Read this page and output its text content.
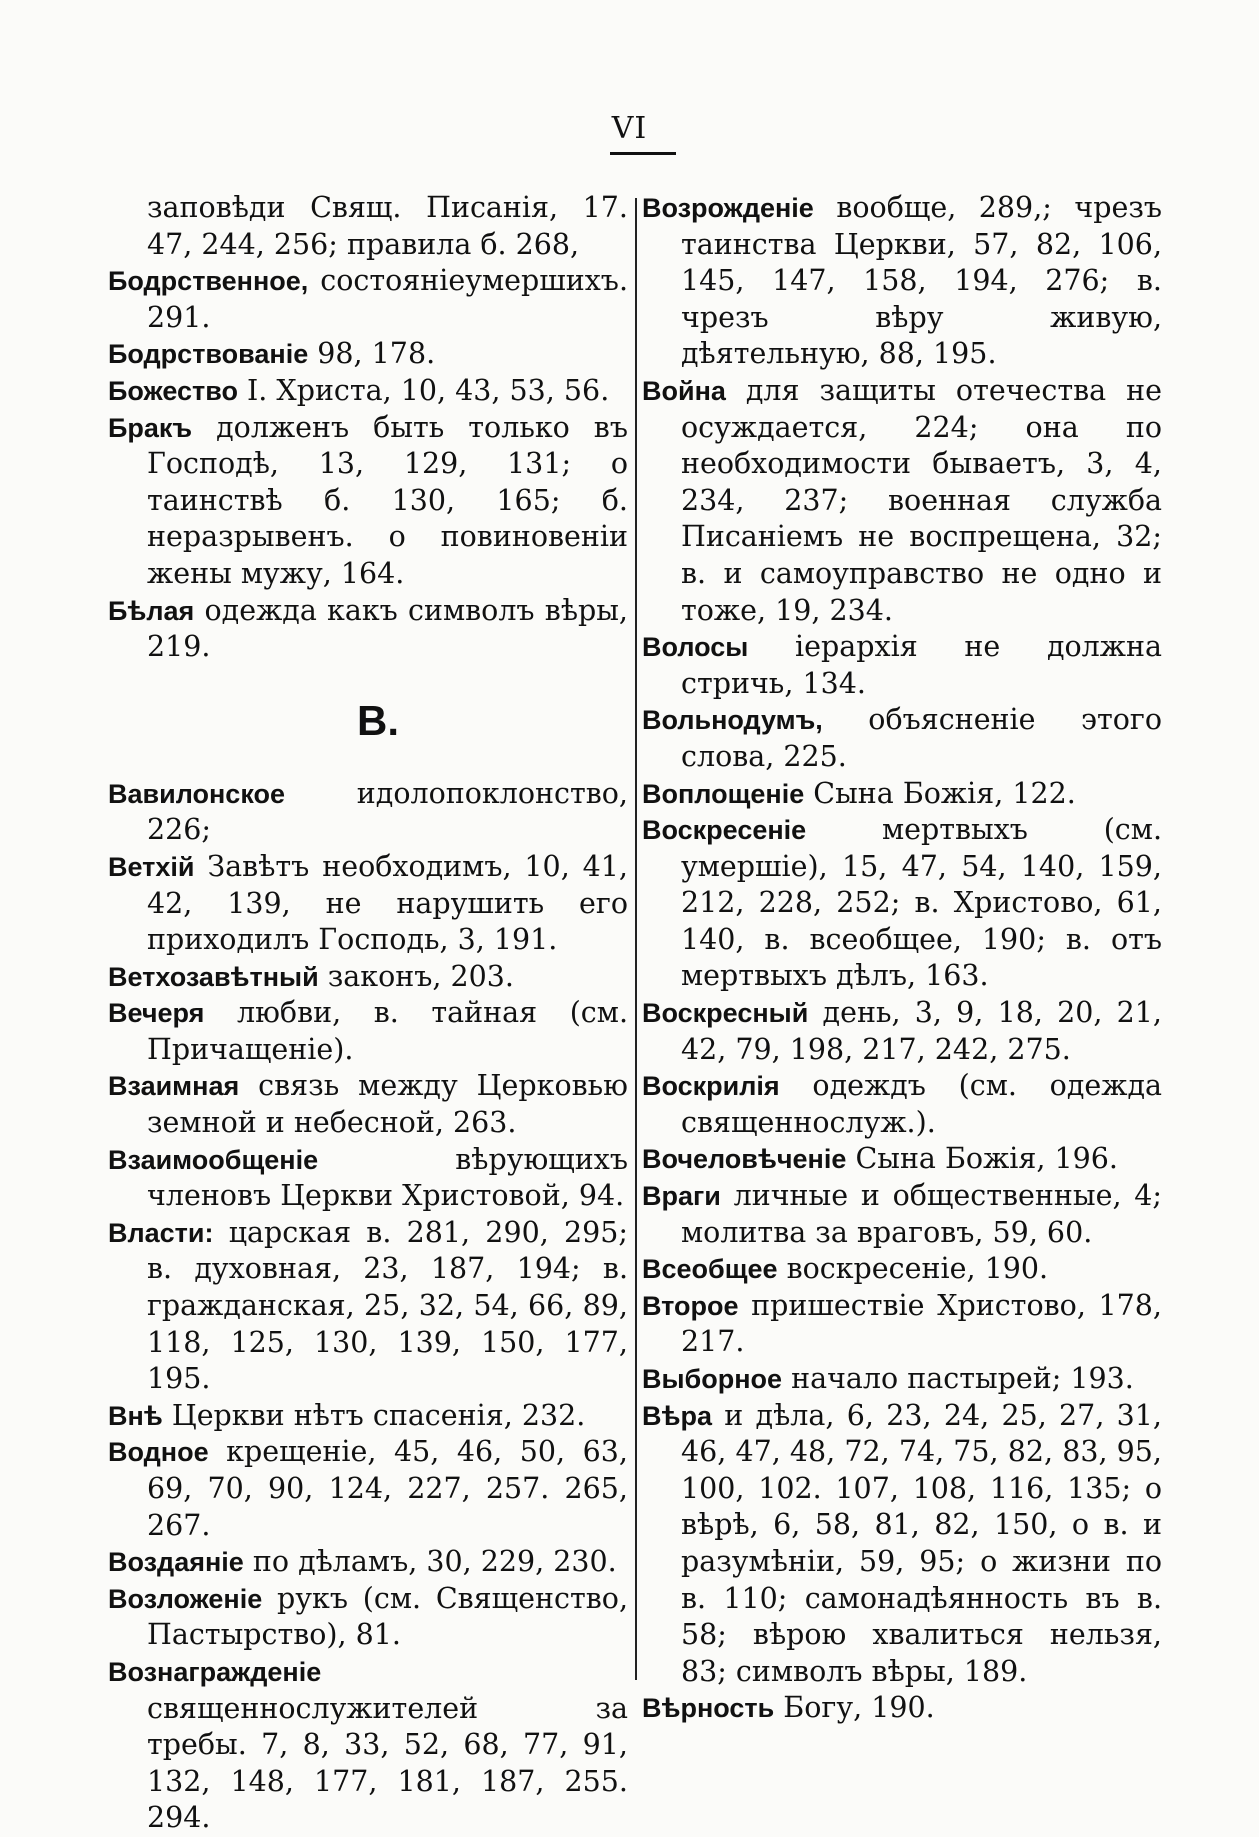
VI
заповѣди Свящ. Писанія, 17. 47, 244, 256; правила б. 268,
Бодрственное, состояніеумершихъ. 291.
Бодрствованіе 98, 178.
Божество І. Христа, 10, 43, 53, 56.
Бракъ долженъ быть только въ Господѣ, 13, 129, 131; о таинствѣ б. 130, 165; б. неразрывенъ. о повиновеніи жены мужу, 164.
Бѣлая одежда какъ символъ вѣры, 219.
В.
Вавилонское идолопоклонство, 226;
Ветхій Завѣтъ необходимъ, 10, 41, 42, 139, не нарушить его приходилъ Господь, 3, 191.
Ветхозавѣтный законъ, 203.
Вечеря любви, в. тайная (см. Причащеніе).
Взаимная связь между Церковью земной и небесной, 263.
Взаимообщеніе вѣрующихъ членовъ Церкви Христовой, 94.
Власти: царская в. 281, 290, 295; в. духовная, 23, 187, 194; в. гражданская, 25, 32, 54, 66, 89, 118, 125, 130, 139, 150, 177, 195.
Внѣ Церкви нѣтъ спасенія, 232.
Водное крещеніе, 45, 46, 50, 63, 69, 70, 90, 124, 227, 257. 265, 267.
Воздаяніе по дѣламъ, 30, 229, 230.
Возложеніе рукъ (см. Священство, Пастырство), 81.
Вознагражденіе священнослужителей за требы. 7, 8, 33, 52, 68, 77, 91, 132, 148, 177, 181, 187, 255. 294.
Возрожденіе вообще, 289,; чрезъ таинства Церкви, 57, 82, 106, 145, 147, 158, 194, 276; в. чрезъ вѣру живую, дѣятельную, 88, 195.
Война для защиты отечества не осуждается, 224; она по необходимости бываетъ, 3, 4, 234, 237; военная служба Писаніемъ не воспрещена, 32; в. и самоуправство не одно и тоже, 19, 234.
Волосы іерархія не должна стричь, 134.
Вольнодумъ, объясненіе этого слова, 225.
Воплощеніе Сына Божія, 122.
Воскресеніе мертвыхъ (см. умершіе), 15, 47, 54, 140, 159, 212, 228, 252; в. Христово, 61, 140, в. всеобщее, 190; в. отъ мертвыхъ дѣлъ, 163.
Воскресный день, 3, 9, 18, 20, 21, 42, 79, 198, 217, 242, 275.
Воскрилія одеждъ (см. одежда священнослуж.).
Вочеловѣченіе Сына Божія, 196.
Враги личные и общественные, 4; молитва за враговъ, 59, 60.
Всеобщее воскресеніе, 190.
Второе пришествіе Христово, 178, 217.
Выборное начало пастырей; 193.
Вѣра и дѣла, 6, 23, 24, 25, 27, 31, 46, 47, 48, 72, 74, 75, 82, 83, 95, 100, 102. 107, 108, 116, 135; о вѣрѣ, 6, 58, 81, 82, 150, о в. и разумѣніи, 59, 95; о жизни по в. 110; самонадѣянность въ в. 58; вѣрою хвалиться нельзя, 83; символъ вѣры, 189.
Вѣрность Богу, 190.
